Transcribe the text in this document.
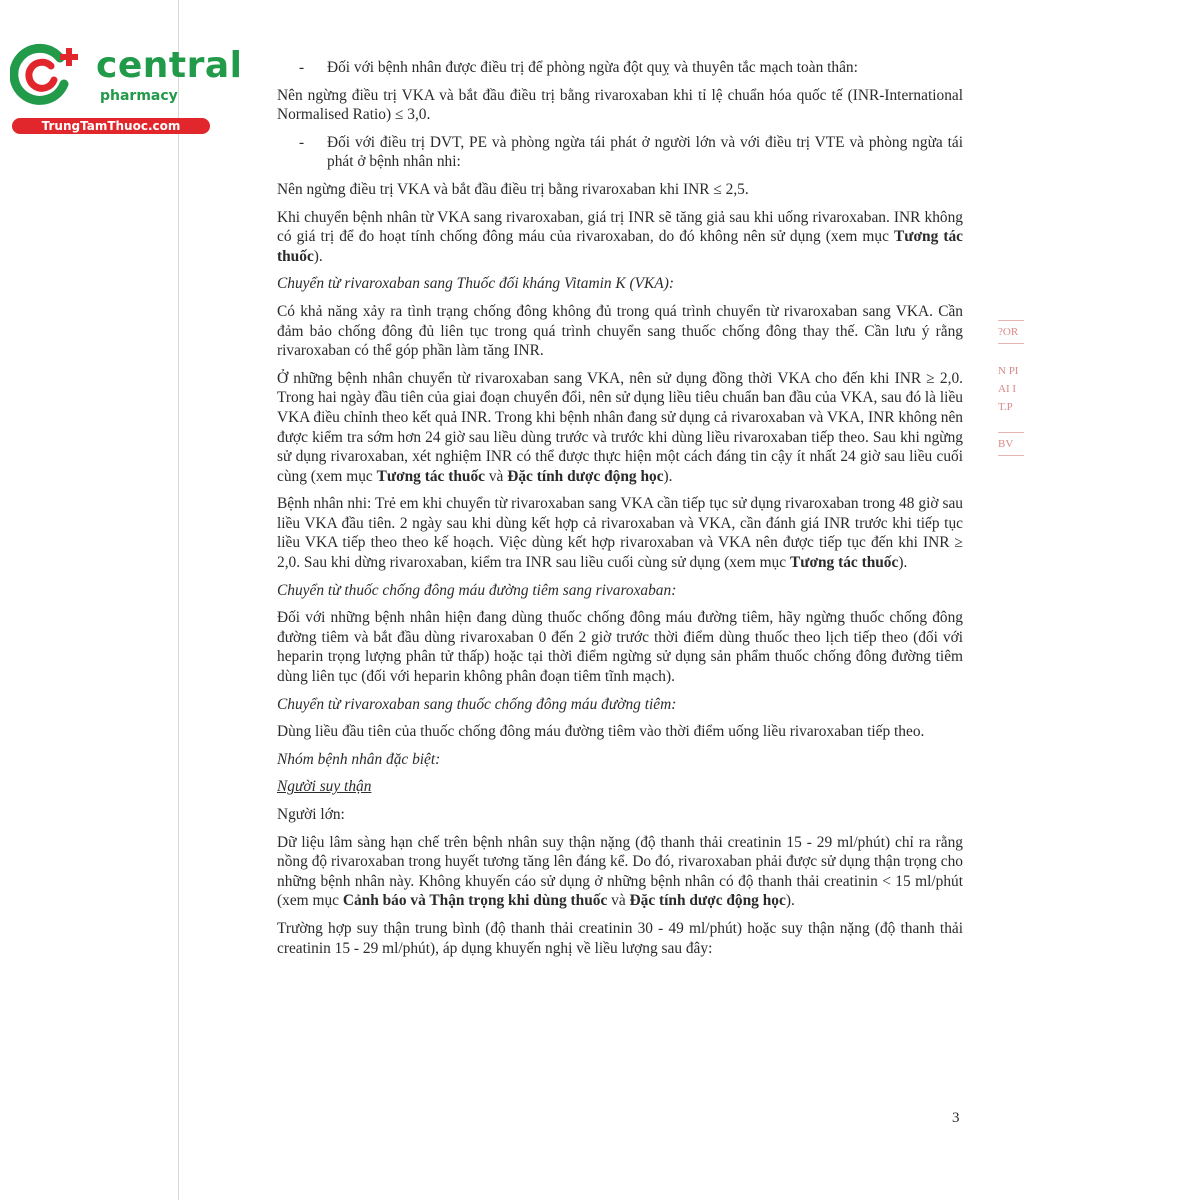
central
pharmacy
TrungTamThuoc.com
?OR
N PI
AI I
T.P
BV

- Đối với bệnh nhân được điều trị để phòng ngừa đột quỵ và thuyên tắc mạch toàn thân:

Nên ngừng điều trị VKA và bắt đầu điều trị bằng rivaroxaban khi tỉ lệ chuẩn hóa quốc tế (INR-International Normalised Ratio) ≤ 3,0.

- Đối với điều trị DVT, PE và phòng ngừa tái phát ở người lớn và với điều trị VTE và phòng ngừa tái phát ở bệnh nhân nhi:

Nên ngừng điều trị VKA và bắt đầu điều trị bằng rivaroxaban khi INR ≤ 2,5.

Khi chuyển bệnh nhân từ VKA sang rivaroxaban, giá trị INR sẽ tăng giả sau khi uống rivaroxaban. INR không có giá trị để đo hoạt tính chống đông máu của rivaroxaban, do đó không nên sử dụng (xem mục Tương tác thuốc).

Chuyển từ rivaroxaban sang Thuốc đối kháng Vitamin K (VKA):

Có khả năng xảy ra tình trạng chống đông không đủ trong quá trình chuyển từ rivaroxaban sang VKA. Cần đảm bảo chống đông đủ liên tục trong quá trình chuyển sang thuốc chống đông thay thế. Cần lưu ý rằng rivaroxaban có thể góp phần làm tăng INR.

Ở những bệnh nhân chuyển từ rivaroxaban sang VKA, nên sử dụng đồng thời VKA cho đến khi INR ≥ 2,0. Trong hai ngày đầu tiên của giai đoạn chuyển đổi, nên sử dụng liều tiêu chuẩn ban đầu của VKA, sau đó là liều VKA điều chỉnh theo kết quả INR. Trong khi bệnh nhân đang sử dụng cả rivaroxaban và VKA, INR không nên được kiểm tra sớm hơn 24 giờ sau liều dùng trước và trước khi dùng liều rivaroxaban tiếp theo. Sau khi ngừng sử dụng rivaroxaban, xét nghiệm INR có thể được thực hiện một cách đáng tin cậy ít nhất 24 giờ sau liều cuối cùng (xem mục Tương tác thuốc và Đặc tính dược động học).

Bệnh nhân nhi: Trẻ em khi chuyển từ rivaroxaban sang VKA cần tiếp tục sử dụng rivaroxaban trong 48 giờ sau liều VKA đầu tiên. 2 ngày sau khi dùng kết hợp cả rivaroxaban và VKA, cần đánh giá INR trước khi tiếp tục liều VKA tiếp theo theo kế hoạch. Việc dùng kết hợp rivaroxaban và VKA nên được tiếp tục đến khi INR ≥ 2,0. Sau khi dừng rivaroxaban, kiểm tra INR sau liều cuối cùng sử dụng (xem mục Tương tác thuốc).

Chuyển từ thuốc chống đông máu đường tiêm sang rivaroxaban:

Đối với những bệnh nhân hiện đang dùng thuốc chống đông máu đường tiêm, hãy ngừng thuốc chống đông đường tiêm và bắt đầu dùng rivaroxaban 0 đến 2 giờ trước thời điểm dùng thuốc theo lịch tiếp theo (đối với heparin trọng lượng phân tử thấp) hoặc tại thời điểm ngừng sử dụng sản phẩm thuốc chống đông đường tiêm dùng liên tục (đối với heparin không phân đoạn tiêm tĩnh mạch).

Chuyển từ rivaroxaban sang thuốc chống đông máu đường tiêm:

Dùng liều đầu tiên của thuốc chống đông máu đường tiêm vào thời điểm uống liều rivaroxaban tiếp theo.

Nhóm bệnh nhân đặc biệt:

Người suy thận

Người lớn:

Dữ liệu lâm sàng hạn chế trên bệnh nhân suy thận nặng (độ thanh thải creatinin 15 - 29 ml/phút) chỉ ra rằng nồng độ rivaroxaban trong huyết tương tăng lên đáng kể. Do đó, rivaroxaban phải được sử dụng thận trọng cho những bệnh nhân này. Không khuyến cáo sử dụng ở những bệnh nhân có độ thanh thải creatinin < 15 ml/phút (xem mục Cảnh báo và Thận trọng khi dùng thuốc và Đặc tính dược động học).

Trường hợp suy thận trung bình (độ thanh thải creatinin 30 - 49 ml/phút) hoặc suy thận nặng (độ thanh thải creatinin 15 - 29 ml/phút), áp dụng khuyến nghị về liều lượng sau đây:

3
